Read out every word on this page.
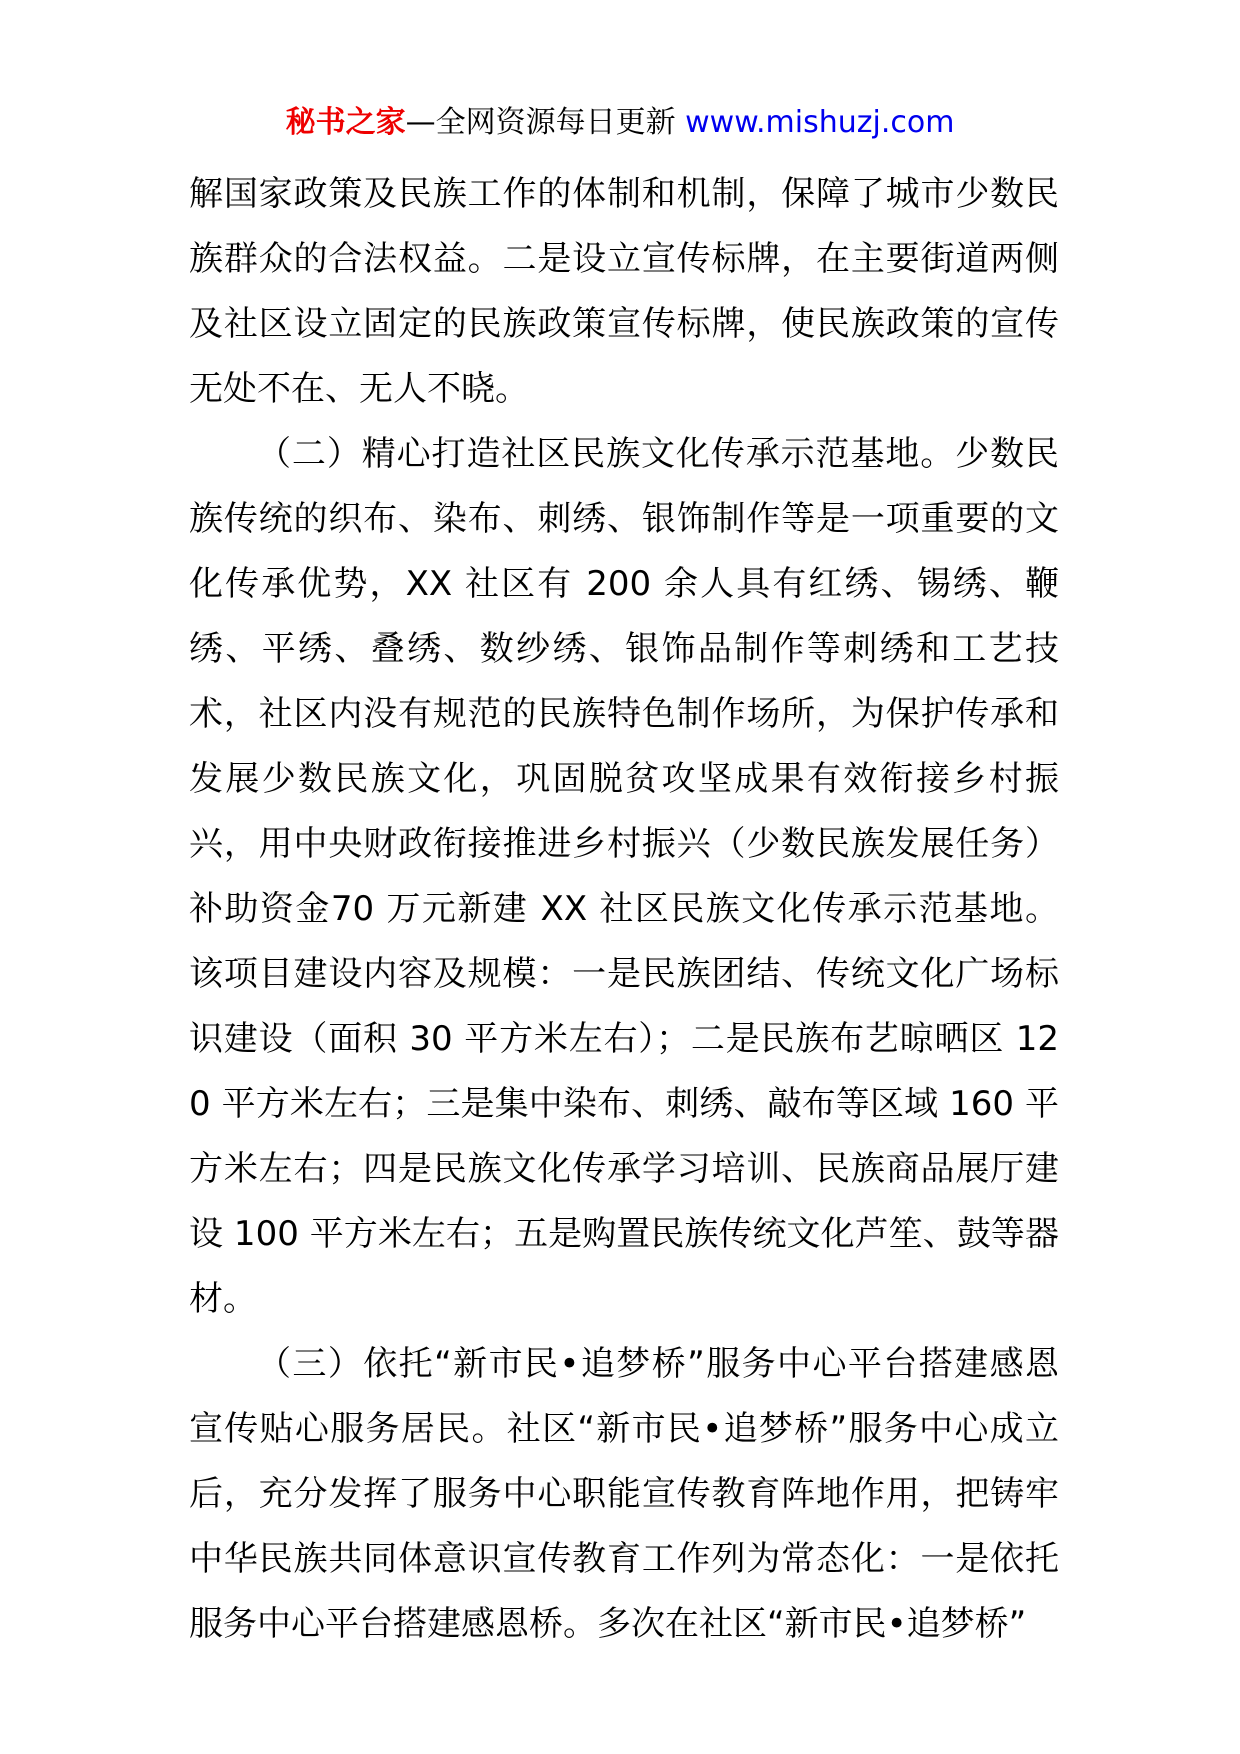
秘书之家—全网资源每日更新 www.mishuzj.com

解国家政策及民族工作的体制和机制，保障了城市少数民族群众的合法权益。二是设立宣传标牌，在主要街道两侧及社区设立固定的民族政策宣传标牌，使民族政策的宣传无处不在、无人不晓。

（二）精心打造社区民族文化传承示范基地。少数民族传统的织布、染布、刺绣、银饰制作等是一项重要的文化传承优势，XX 社区有 200 余人具有红绣、锡绣、鞭绣、平绣、叠绣、数纱绣、银饰品制作等刺绣和工艺技术，社区内没有规范的民族特色制作场所，为保护传承和发展少数民族文化，巩固脱贫攻坚成果有效衔接乡村振兴，用中央财政衔接推进乡村振兴（少数民族发展任务）补助资金70 万元新建 XX 社区民族文化传承示范基地。该项目建设内容及规模：一是民族团结、传统文化广场标识建设（面积 30 平方米左右）；二是民族布艺晾晒区 120 平方米左右；三是集中染布、刺绣、敲布等区域 160 平方米左右；四是民族文化传承学习培训、民族商品展厅建设 100 平方米左右；五是购置民族传统文化芦笙、鼓等器材。

（三）依托“新市民•追梦桥”服务中心平台搭建感恩宣传贴心服务居民。社区“新市民•追梦桥”服务中心成立后，充分发挥了服务中心职能宣传教育阵地作用，把铸牢中华民族共同体意识宣传教育工作列为常态化：一是依托服务中心平台搭建感恩桥。多次在社区“新市民•追梦桥”
